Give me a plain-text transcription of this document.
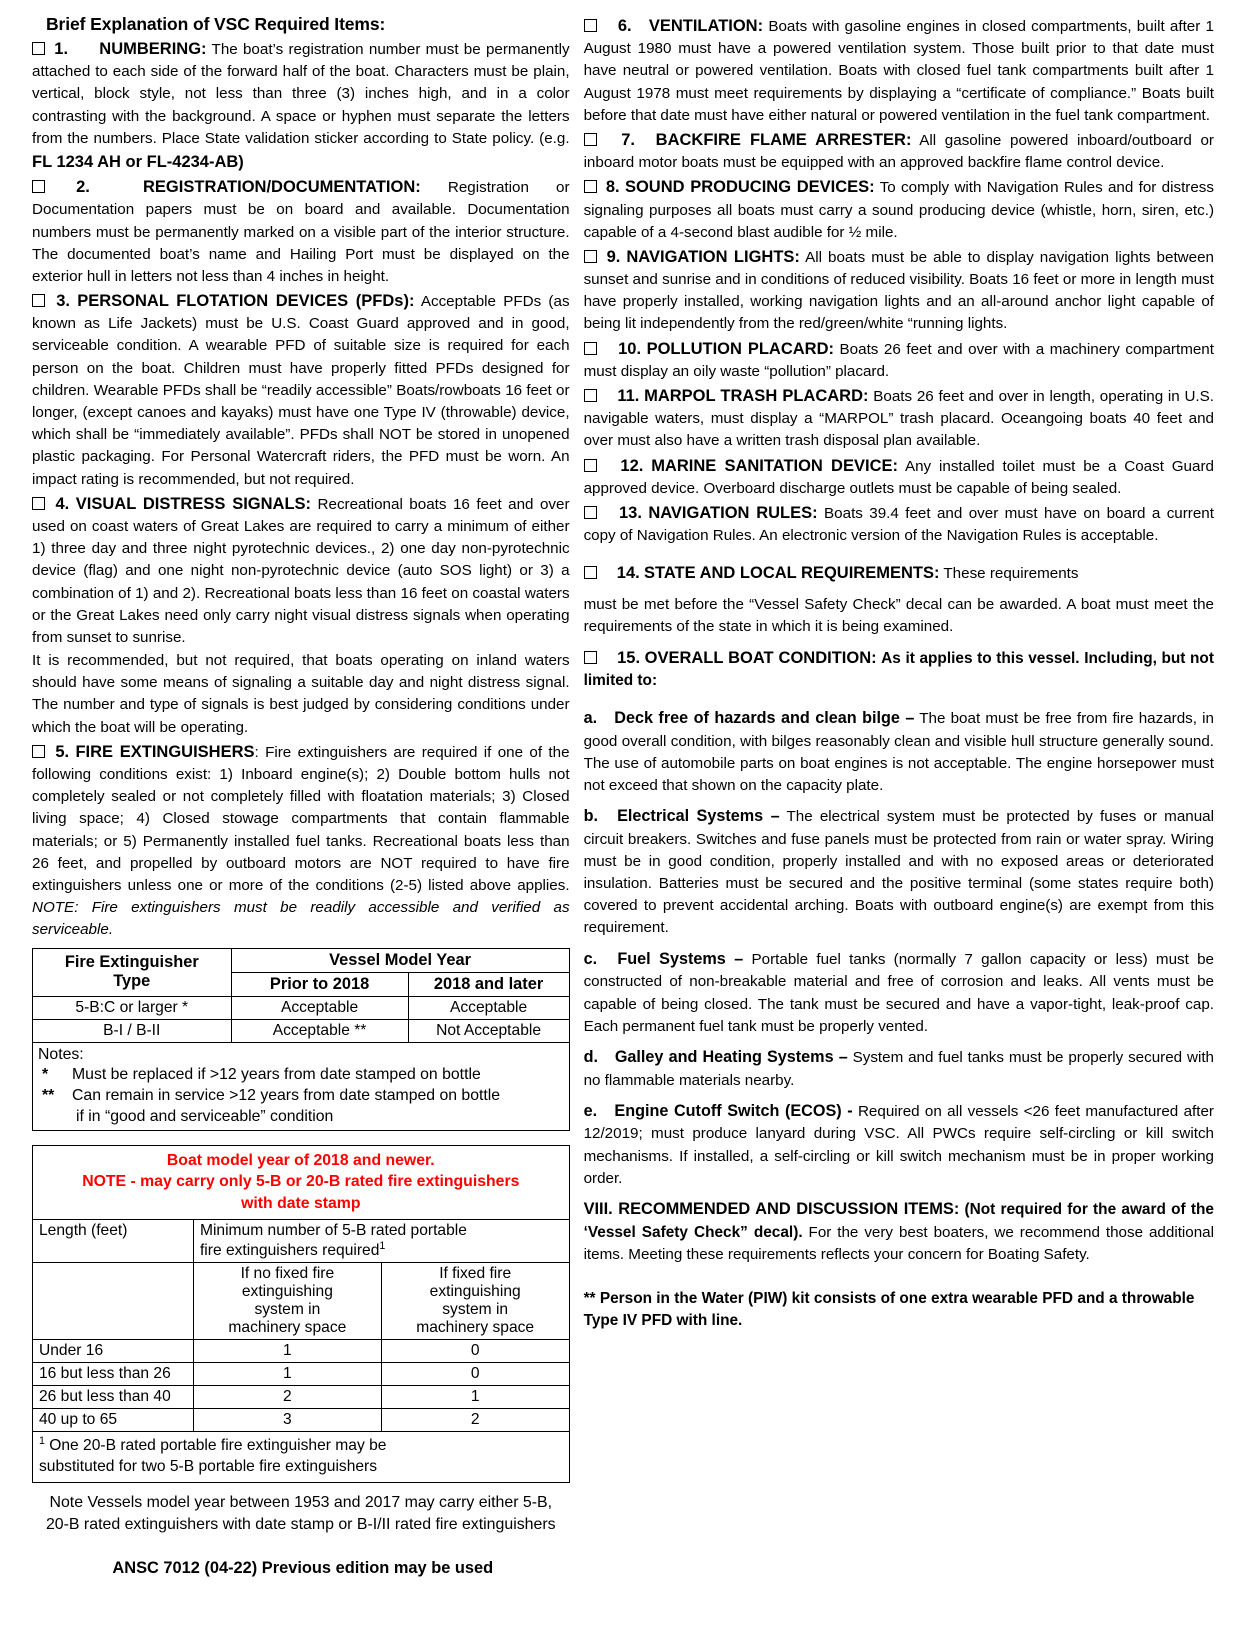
Brief Explanation of VSC Required Items:

1. NUMBERING: The boat’s registration number must be permanently attached to each side of the forward half of the boat. Characters must be plain, vertical, block style, not less than three (3) inches high, and in a color contrasting with the background. A space or hyphen must separate the letters from the numbers. Place State validation sticker according to State policy. (e.g. FL 1234 AH or FL-4234-AB)

2.	REGISTRATION/DOCUMENTATION: Registration or Documentation papers must be on board and available. Documentation numbers must be permanently marked on a visible part of the interior structure. The documented boat’s name and Hailing Port must be displayed on the exterior hull in letters not less than 4 inches in height.

3. PERSONAL FLOTATION DEVICES (PFDs): Acceptable PFDs (as known as Life Jackets) must be U.S. Coast Guard approved and in good, serviceable condition. A wearable PFD of suitable size is required for each person on the boat. Children must have properly fitted PFDs designed for children. Wearable PFDs shall be “readily accessible” Boats/rowboats 16 feet or longer, (except canoes and kayaks) must have one Type IV (throwable) device, which shall be “immediately available”. PFDs shall NOT be stored in unopened plastic packaging. For Personal Watercraft riders, the PFD must be worn. An impact rating is recommended, but not required.

4. VISUAL DISTRESS SIGNALS: Recreational boats 16 feet and over used on coast waters of Great Lakes are required to carry a minimum of either 1) three day and three night pyrotechnic devices., 2) one day non-pyrotechnic device (flag) and one night non-pyrotechnic device (auto SOS light) or 3) a combination of 1) and 2). Recreational boats less than 16 feet on coastal waters or the Great Lakes need only carry night visual distress signals when operating from sunset to sunrise.

It is recommended, but not required, that boats operating on inland waters should have some means of signaling a suitable day and night distress signal. The number and type of signals is best judged by considering conditions under which the boat will be operating.

5. FIRE EXTINGUISHERS: Fire extinguishers are required if one of the following conditions exist: 1) Inboard engine(s); 2) Double bottom hulls not completely sealed or not completely filled with floatation materials; 3) Closed living space; 4) Closed stowage compartments that contain flammable materials; or 5) Permanently installed fuel tanks. Recreational boats less than 26 feet, and propelled by outboard motors are NOT required to have fire extinguishers unless one or more of the conditions (2-5) listed above applies. NOTE: Fire extinguishers must be readily accessible and verified as serviceable.

Fire Extinguisher
Type	Vessel Model Year	
	Prior to 2018	2018 and later
5-B:C or larger *	Acceptable	Acceptable
B-I / B-II	Acceptable **	Not Acceptable

Notes:
*	Must be replaced if >12 years from date stamped on bottle
**	Can remain in service >12 years from date stamped on bottle
if in “good and serviceable” condition
Boat model year of 2018 and newer.
NOTE - may carry only 5-B or 20-B rated fire extinguishers
with date stamp		

Length (feet)	Minimum number of 5-B rated portable
fire extinguishers required$^1$

If no fixed fire
extinguishing
system in
machinery space

If fixed fire
extinguishing
system in
machinery space

Under 16	1	0
16 but less than 26	1	0
26 but less than 40	2	1
40 up to 65	3	2

$^1$ One 20-B rated portable fire extinguisher may be
substituted for two 5-B portable fire extinguishers		

Note Vessels model year between 1953 and 2017 may carry either 5-B,
20-B rated extinguishers with date stamp or B-I/II rated fire extinguishers

ANSC 7012 (04-22) Previous edition may be used

6. VENTILATION: Boats with gasoline engines in closed compartments, built after 1 August 1980 must have a powered ventilation system. Those built prior to that date must have neutral or powered ventilation. Boats with closed fuel tank compartments built after 1 August 1978 must meet requirements by displaying a “certificate of compliance.” Boats built before that date must have either natural or powered ventilation in the fuel tank compartment.

7. BACKFIRE FLAME ARRESTER: All gasoline powered inboard/outboard or inboard motor boats must be equipped with an approved backfire flame control device.

8. SOUND PRODUCING DEVICES: To comply with Navigation Rules and for distress signaling purposes all boats must carry a sound producing device (whistle, horn, siren, etc.) capable of a 4-second blast audible for ½ mile.

9. NAVIGATION LIGHTS: All boats must be able to display navigation lights between sunset and sunrise and in conditions of reduced visibility. Boats 16 feet or more in length must have properly installed, working navigation lights and an all-around anchor light capable of being lit independently from the red/green/white “running lights.

10. POLLUTION PLACARD: Boats 26 feet and over with a machinery compartment must display an oily waste “pollution” placard.

11. MARPOL TRASH PLACARD: Boats 26 feet and over in length, operating in U.S. navigable waters, must display a “MARPOL” trash placard. Oceangoing boats 40 feet and over must also have a written trash disposal plan available.

12. MARINE SANITATION DEVICE: Any installed toilet must be a Coast Guard approved device. Overboard discharge outlets must be capable of being sealed.

13. NAVIGATION RULES: Boats 39.4 feet and over must have on board a current copy of Navigation Rules. An electronic version of the Navigation Rules is acceptable.

14. STATE AND LOCAL REQUIREMENTS: These requirements

must be met before the “Vessel Safety Check” decal can be awarded. A boat must meet the requirements of the state in which it is being examined.

15. OVERALL BOAT CONDITION: As it applies to this vessel. Including, but not limited to:

a. Deck free of hazards and clean bilge – The boat must be free from fire hazards, in good overall condition, with bilges reasonably clean and visible hull structure generally sound. The use of automobile parts on boat engines is not acceptable. The engine horsepower must not exceed that shown on the capacity plate.

b. Electrical Systems – The electrical system must be protected by fuses or manual circuit breakers. Switches and fuse panels must be protected from rain or water spray. Wiring must be in good condition, properly installed and with no exposed areas or deteriorated insulation. Batteries must be secured and the positive terminal (some states require both) covered to prevent accidental arching. Boats with outboard engine(s) are exempt from this requirement.

c. Fuel Systems – Portable fuel tanks (normally 7 gallon capacity or less) must be constructed of non-breakable material and free of corrosion and leaks. All vents must be capable of being closed. The tank must be secured and have a vapor-tight, leak-proof cap. Each permanent fuel tank must be properly vented.

d. Galley and Heating Systems – System and fuel tanks must be properly secured with no flammable materials nearby.

e. Engine Cutoff Switch (ECOS) - Required on all vessels <26 feet manufactured after 12/2019; must produce lanyard during VSC. All PWCs require self-circling or kill switch mechanisms. If installed, a self-circling or kill switch mechanism must be in proper working order.

VIII. RECOMMENDED AND DISCUSSION ITEMS: (Not required for the award of the ‘Vessel Safety Check” decal). For the very best boaters, we recommend those additional items. Meeting these requirements reflects your concern for Boating Safety.

** Person in the Water (PIW) kit consists of one extra wearable PFD and a throwable Type IV PFD with line.
